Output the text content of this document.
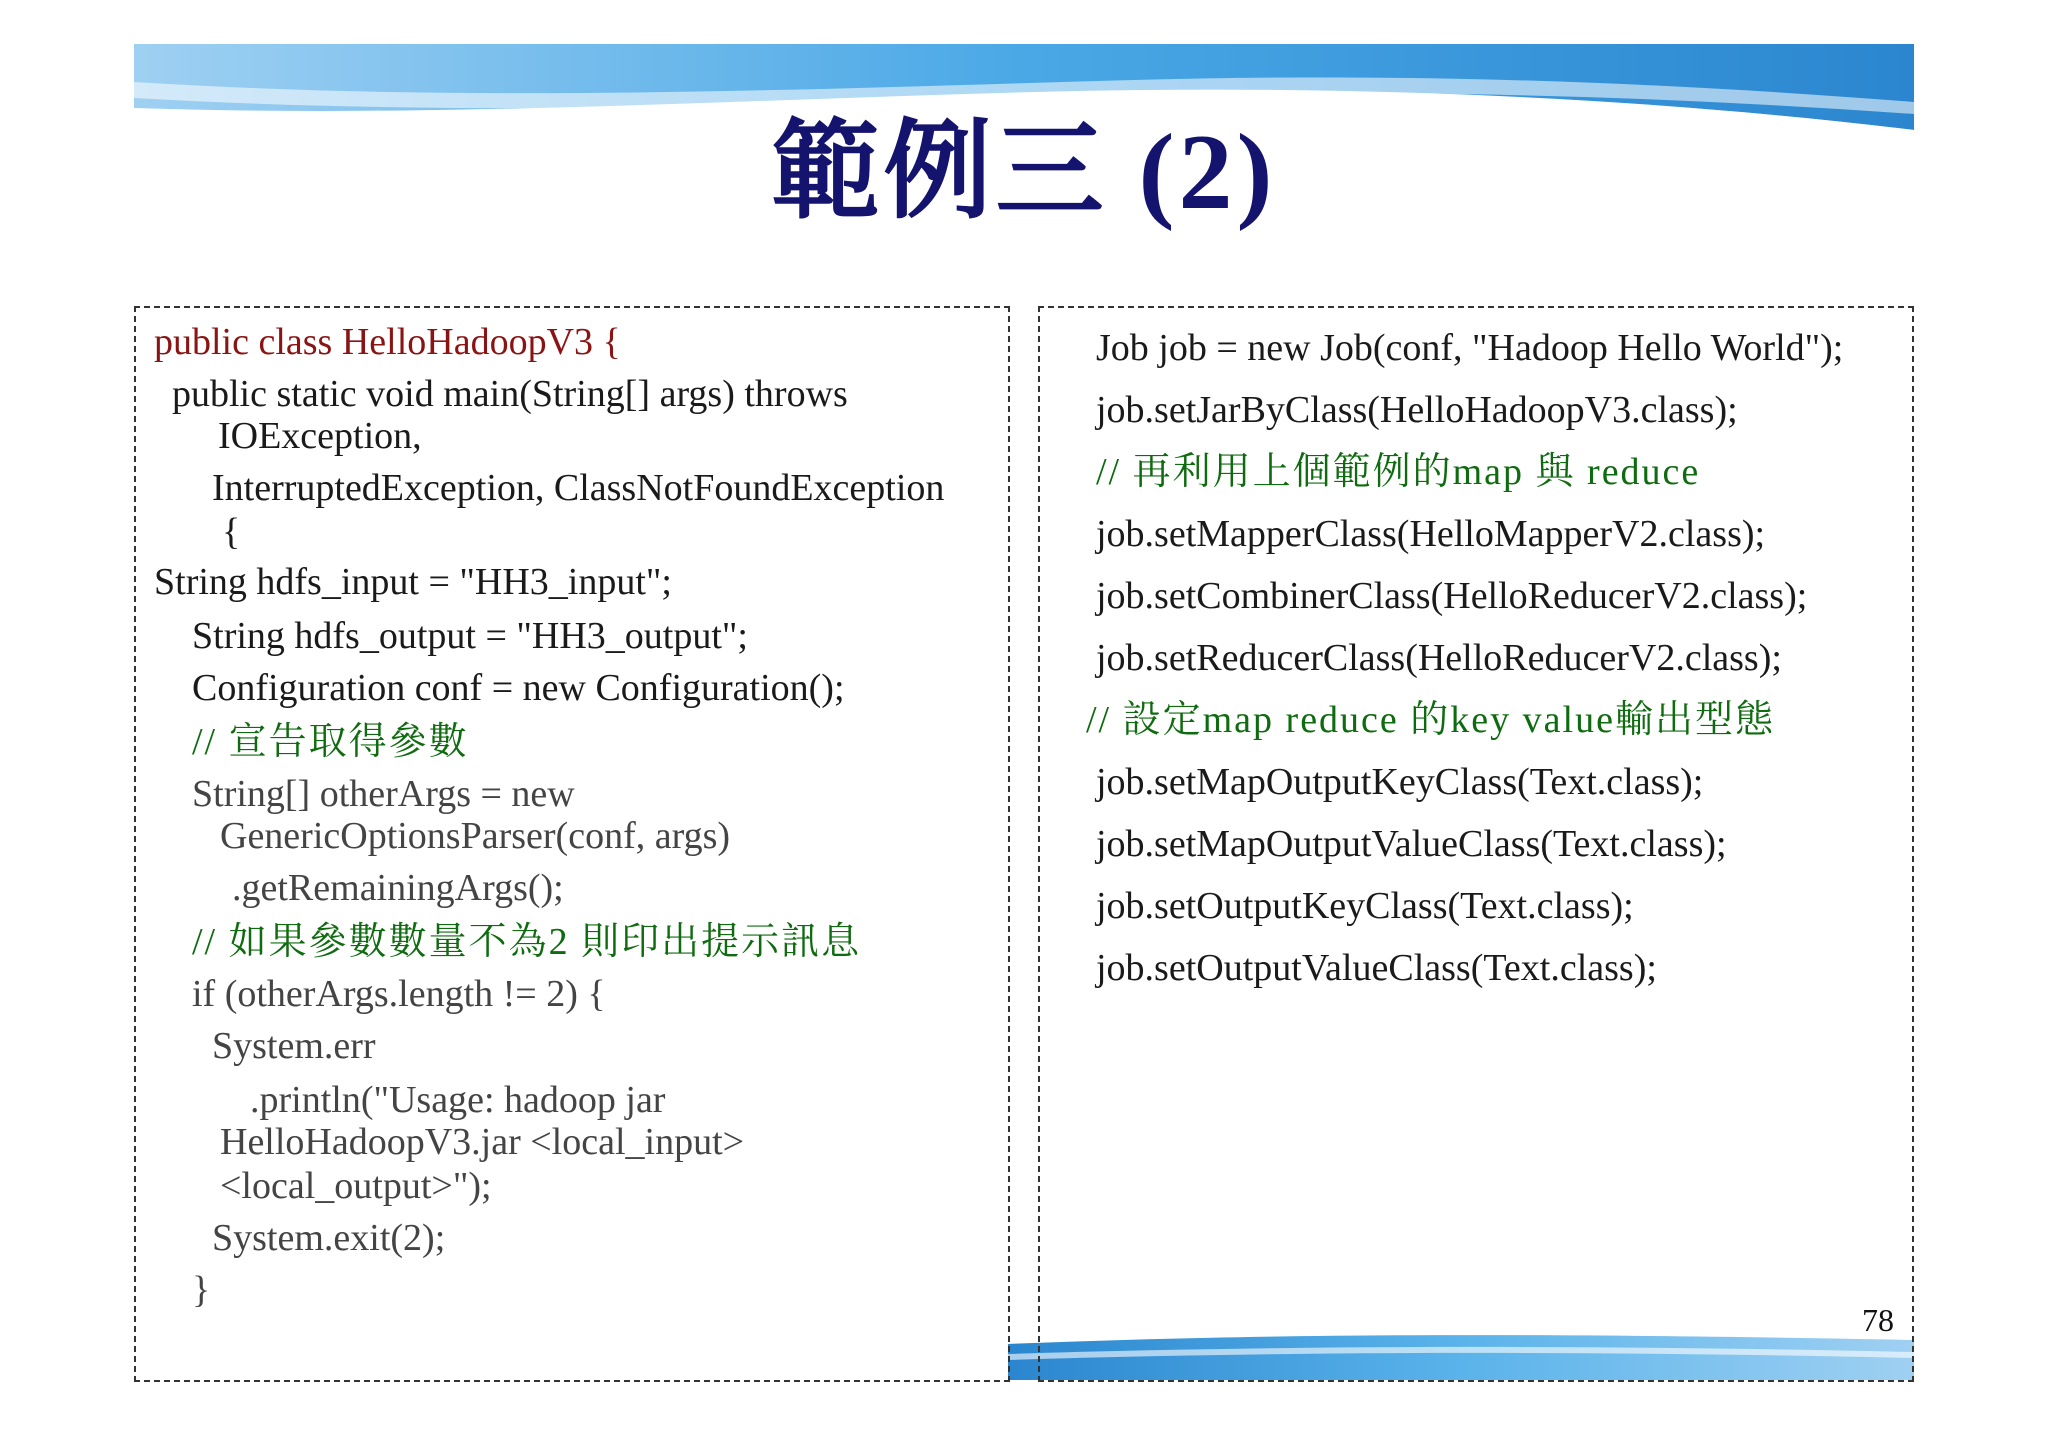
範例三 (2)
public class HelloHadoopV3 {
public static void main(String[] args) throws
IOException,
InterruptedException, ClassNotFoundException
{
String hdfs_input = "HH3_input";
String hdfs_output = "HH3_output";
Configuration conf = new Configuration();
// 宣告取得參數
String[] otherArgs = new
GenericOptionsParser(conf, args)
.getRemainingArgs();
// 如果參數數量不為2 則印出提示訊息
if (otherArgs.length != 2) {
System.err
.println("Usage: hadoop jar
HelloHadoopV3.jar <local_input>
<local_output>");
System.exit(2);
}
Job job = new Job(conf, "Hadoop Hello World");
job.setJarByClass(HelloHadoopV3.class);
// 再利用上個範例的map 與 reduce
job.setMapperClass(HelloMapperV2.class);
job.setCombinerClass(HelloReducerV2.class);
job.setReducerClass(HelloReducerV2.class);
// 設定map reduce 的key value輸出型態
job.setMapOutputKeyClass(Text.class);
job.setMapOutputValueClass(Text.class);
job.setOutputKeyClass(Text.class);
job.setOutputValueClass(Text.class);
78
